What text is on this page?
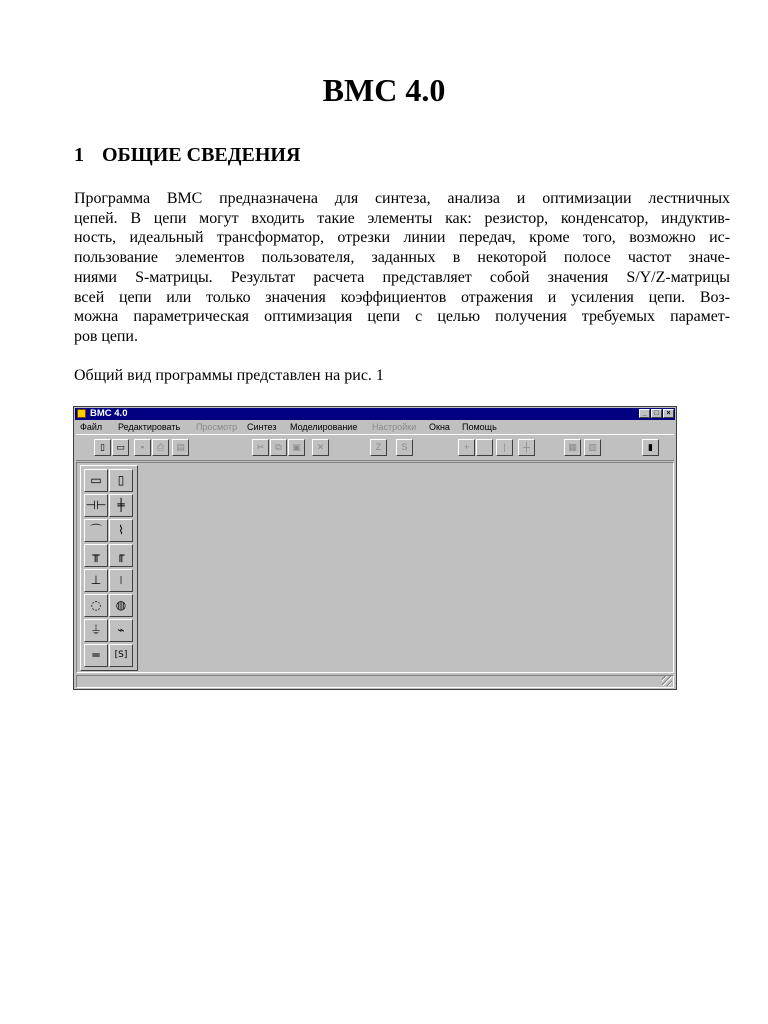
BMC 4.0
1 ОБЩИЕ СВЕДЕНИЯ

Программа BMC предназначена для синтеза, анализа и оптимизации лестничных
цепей. В цепи могут входить такие элементы как: резистор, конденсатор, индуктив-
ность, идеальный трансформатор, отрезки линии передач, кроме того, возможно ис-
пользование элементов пользователя, заданных в некоторой полосе частот значе-
ниями S-матрицы. Результат расчета представляет собой значения S/Y/Z-матрицы
всей цепи или только значения коэффициентов отражения и усиления цепи. Воз-
можна параметрическая оптимизация цепи с целью получения требуемых парамет-
ров цепи.

Общий вид программы представлен на рис. 1

BMC 4.0	_	□	×
Файл Редактировать Просмотр Синтез Моделирование Настройки Окна Помощь
▯	▭	▪	⎙	▤	✂	⧉	▣	✕	Z	S	+	|	┼	▦	▥	▮
▭	▯
⊣⊢ ╪
⌒	⌇
╥	╓
⊥	⧘
◌	◍
⏚	⌁
═	[S]
